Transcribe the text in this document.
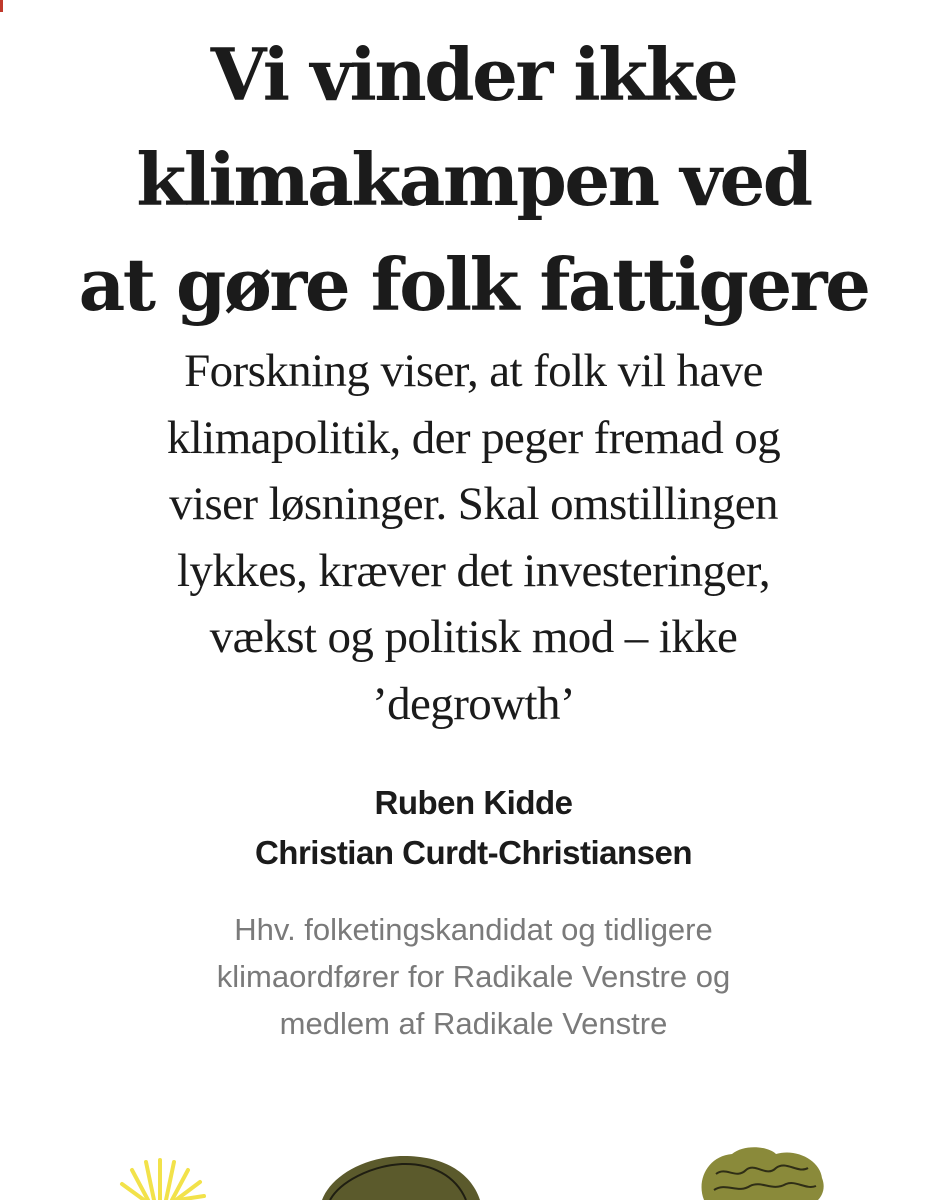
Vi vinder ikke
klimakampen ved
at gøre folk fattigere

Forskning viser, at folk vil have
klimapolitik, der peger fremad og
viser løsninger. Skal omstillingen
lykkes, kræver det investeringer,
vækst og politisk mod – ikke
’degrowth’

Ruben Kidde
Christian Curdt-Christiansen

Hhv. folketingskandidat og tidligere
klimaordfører for Radikale Venstre og
medlem af Radikale Venstre
